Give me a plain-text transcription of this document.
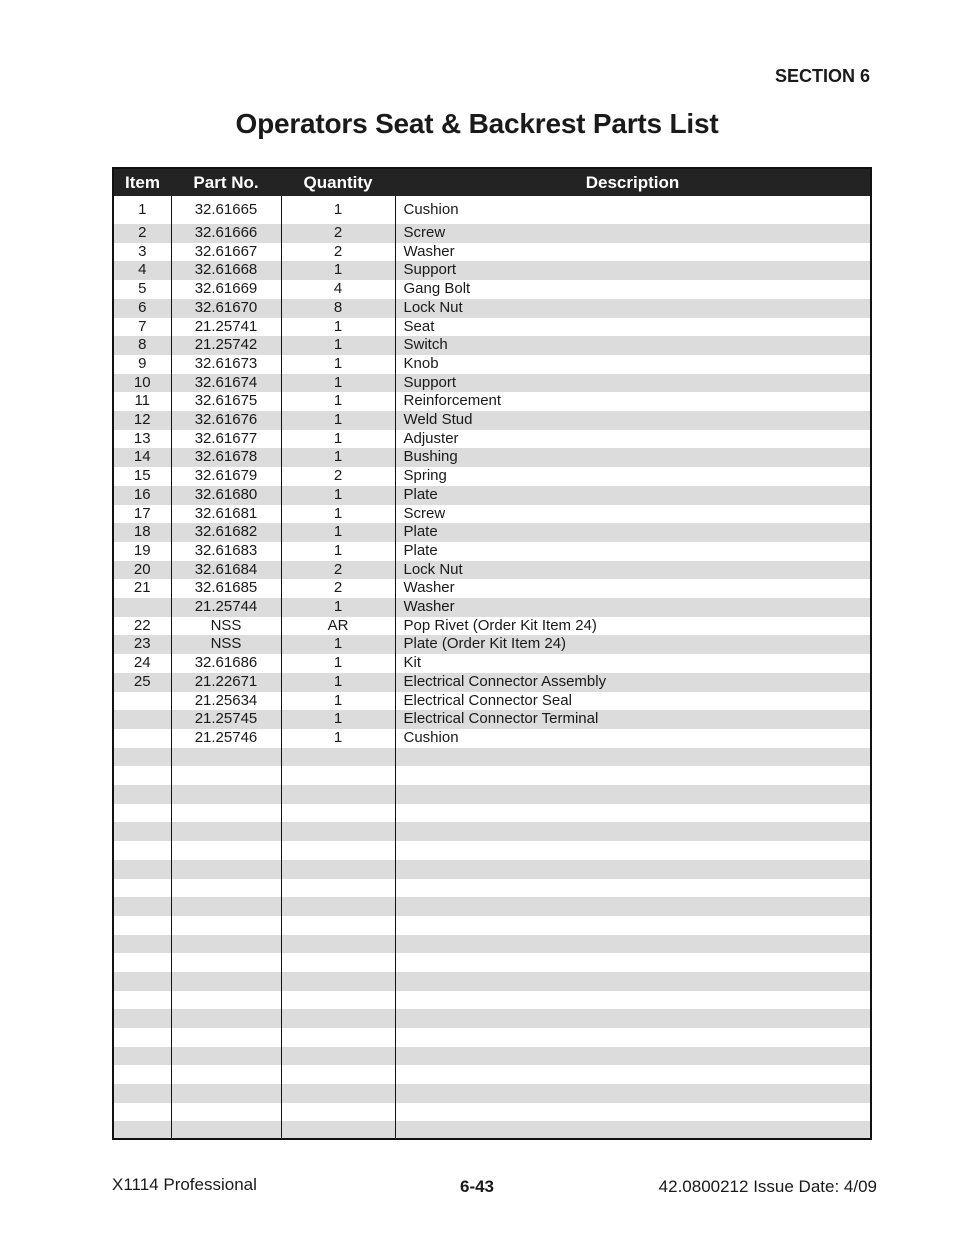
SECTION 6
Operators Seat & Backrest Parts List
Item	Part No.	Quantity	Description
1	32.61665	1	Cushion
2	32.61666	2	Screw
3	32.61667	2	Washer
4	32.61668	1	Support
5	32.61669	4	Gang Bolt
6	32.61670	8	Lock Nut
7	21.25741	1	Seat
8	21.25742	1	Switch
9	32.61673	1	Knob
10	32.61674	1	Support
11	32.61675	1	Reinforcement
12	32.61676	1	Weld Stud
13	32.61677	1	Adjuster
14	32.61678	1	Bushing
15	32.61679	2	Spring
16	32.61680	1	Plate
17	32.61681	1	Screw
18	32.61682	1	Plate
19	32.61683	1	Plate
20	32.61684	2	Lock Nut
21	32.61685	2	Washer
	21.25744	1	Washer
22	NSS	AR	Pop Rivet (Order Kit Item 24)
23	NSS	1	Plate (Order Kit Item 24)
24	32.61686	1	Kit
25	21.22671	1	Electrical Connector Assembly
	21.25634	1	Electrical Connector Seal
	21.25745	1	Electrical Connector Terminal
	21.25746	1	Cushion

X1114 Professional	6-43	42.0800212 Issue Date: 4/09
